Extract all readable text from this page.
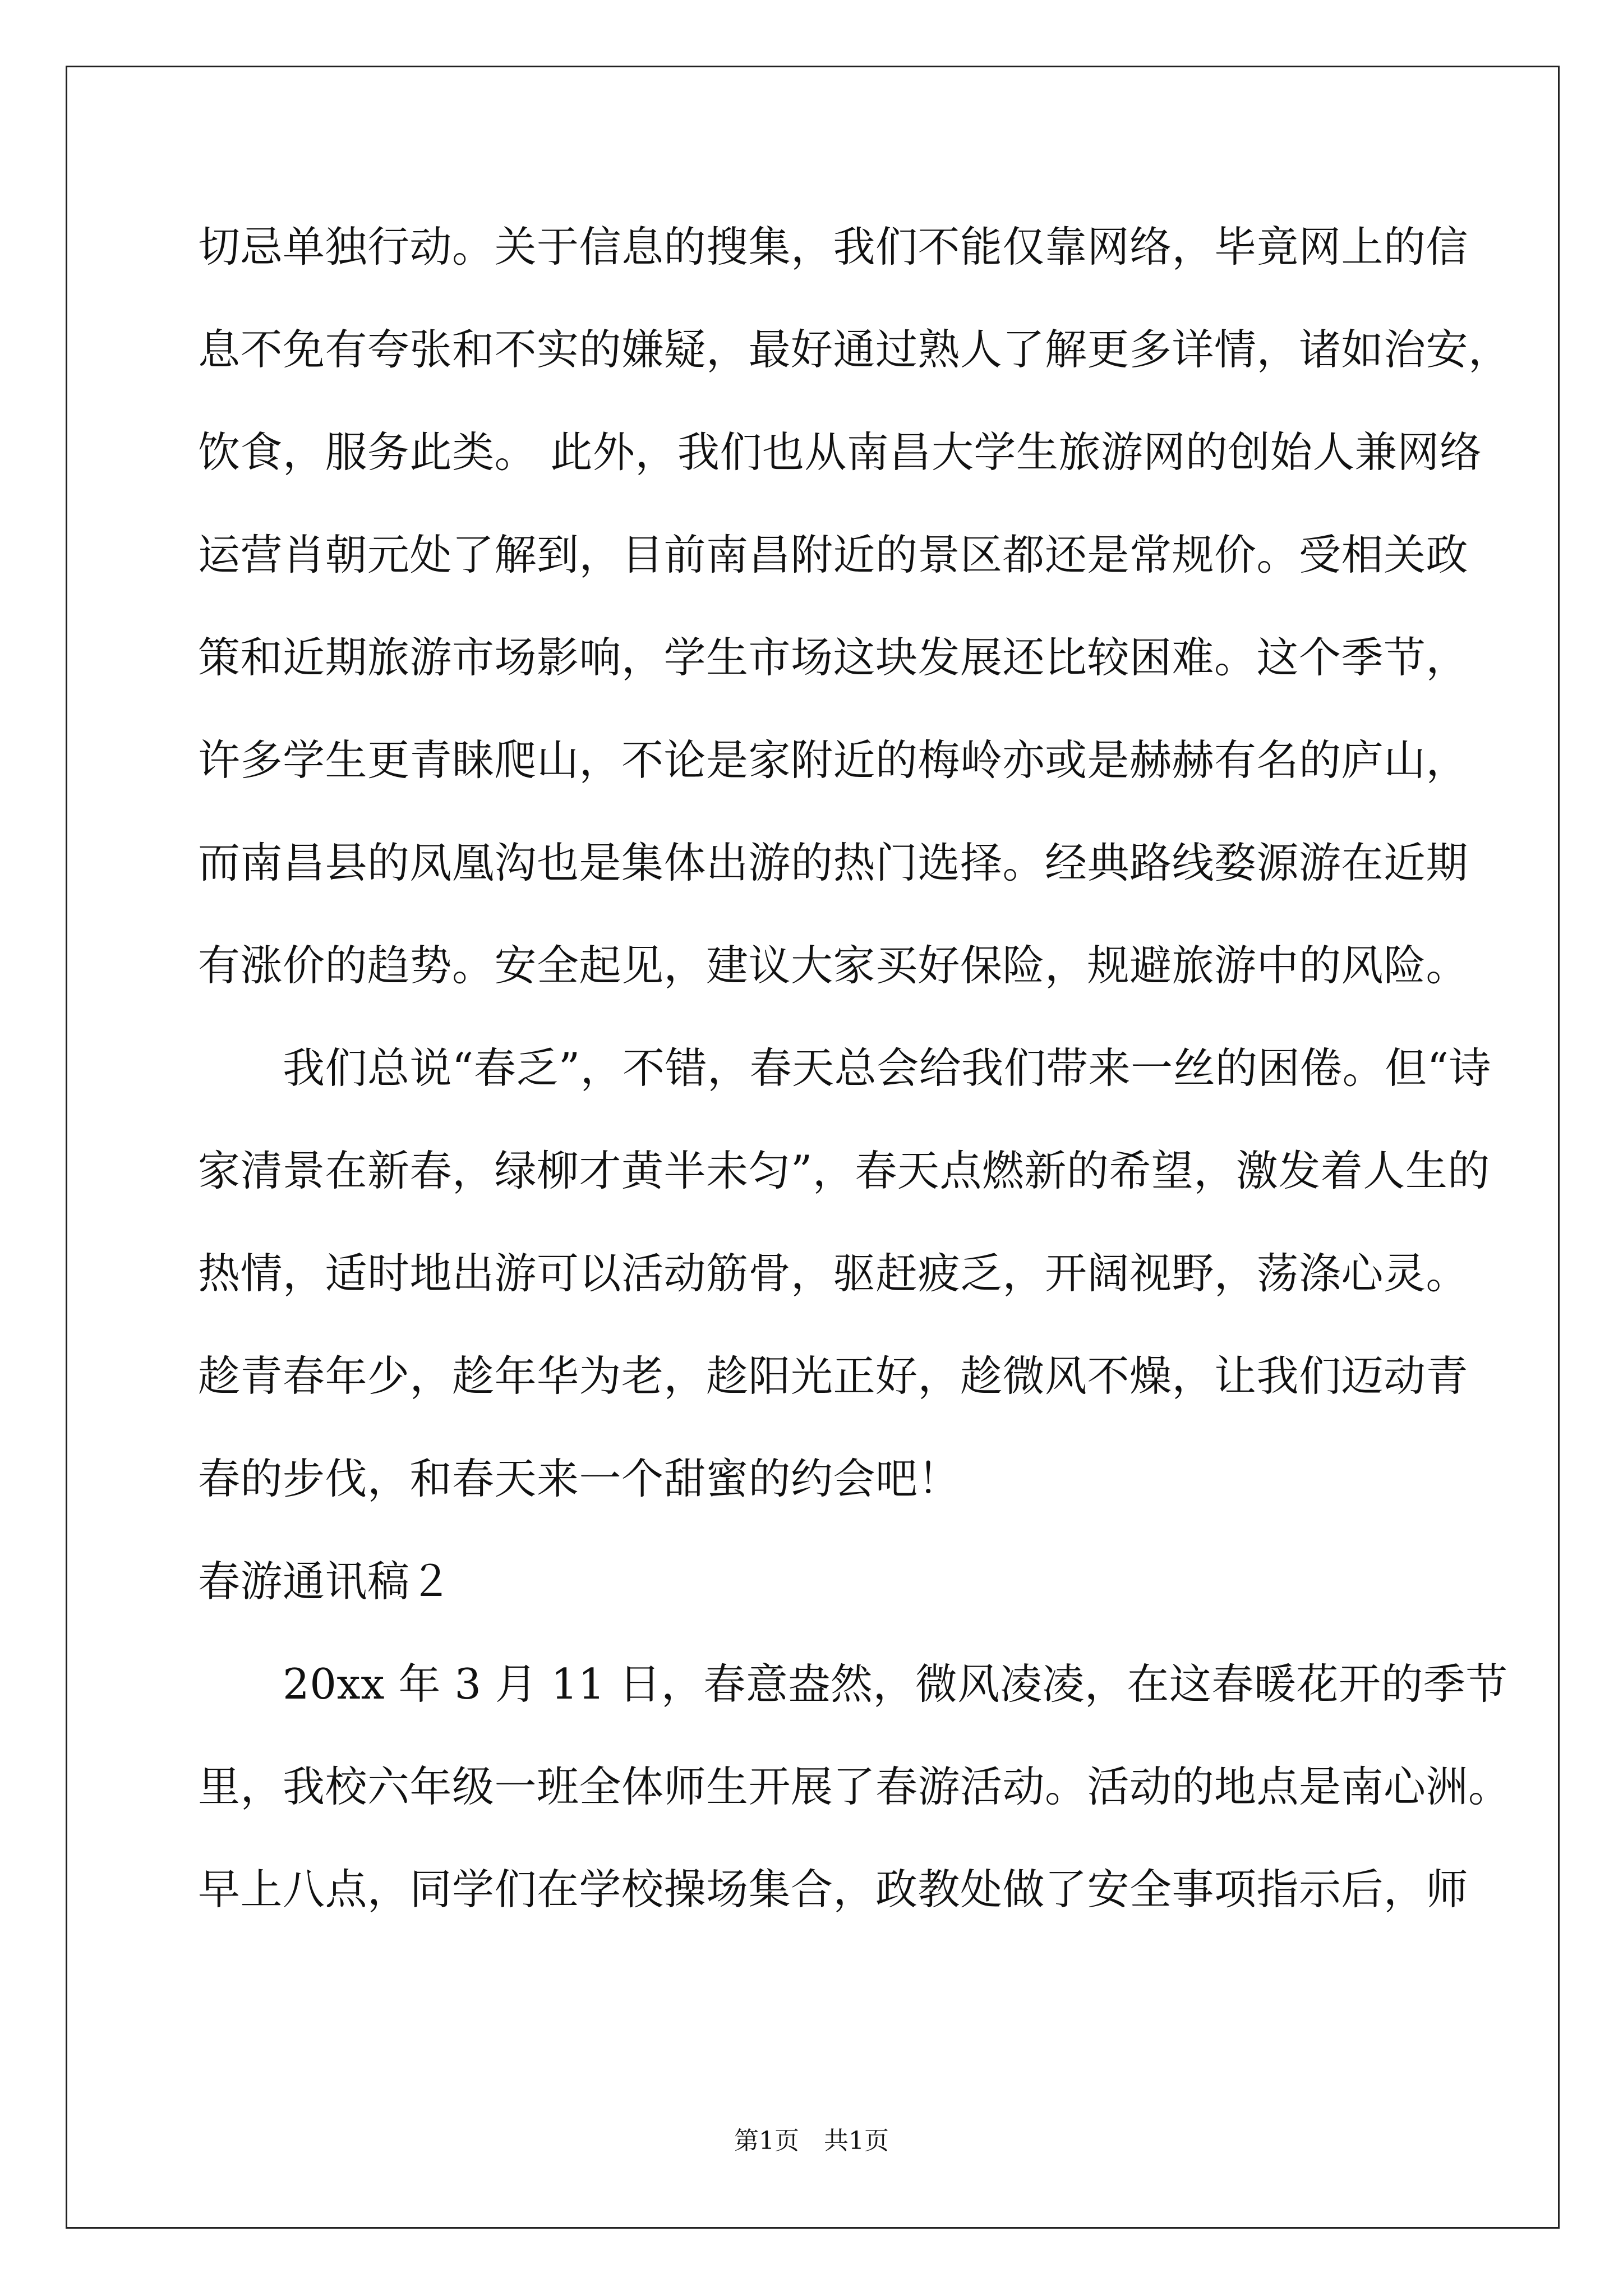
切忌单独行动。关于信息的搜集，我们不能仅靠网络，毕竟网上的信
息不免有夸张和不实的嫌疑，最好通过熟人了解更多详情，诸如治安，
饮食，服务此类。 此外，我们也从南昌大学生旅游网的创始人兼网络
运营肖朝元处了解到，目前南昌附近的景区都还是常规价。受相关政
策和近期旅游市场影响，学生市场这块发展还比较困难。这个季节，
许多学生更青睐爬山，不论是家附近的梅岭亦或是赫赫有名的庐山，
而南昌县的凤凰沟也是集体出游的热门选择。经典路线婺源游在近期
有涨价的趋势。安全起见，建议大家买好保险，规避旅游中的风险。
　　我们总说“春乏”，不错，春天总会给我们带来一丝的困倦。但“诗
家清景在新春，绿柳才黄半未匀”，春天点燃新的希望，激发着人生的
热情，适时地出游可以活动筋骨，驱赶疲乏，开阔视野，荡涤心灵。
趁青春年少，趁年华为老，趁阳光正好，趁微风不燥，让我们迈动青
春的步伐，和春天来一个甜蜜的约会吧！
春游通讯稿２
　　20xx 年 3 月 11 日，春意盎然，微风凌凌，在这春暖花开的季节
里，我校六年级一班全体师生开展了春游活动。活动的地点是南心洲。
早上八点，同学们在学校操场集合，政教处做了安全事项指示后，师
第1页　共1页
